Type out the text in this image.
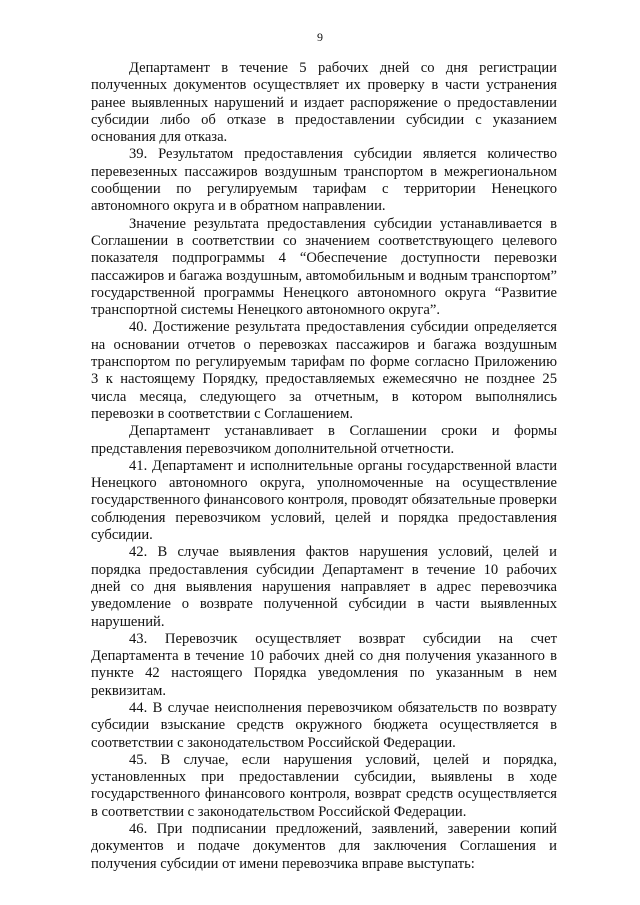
9

Департамент в течение 5 рабочих дней со дня регистрации полученных документов осуществляет их проверку в части устранения ранее выявленных нарушений и издает распоряжение о предоставлении субсидии либо об отказе в предоставлении субсидии с указанием основания для отказа.

39. Результатом предоставления субсидии является количество перевезенных пассажиров воздушным транспортом в межрегиональном сообщении по регулируемым тарифам с территории Ненецкого автономного округа и в обратном направлении.

Значение результата предоставления субсидии устанавливается в Соглашении в соответствии со значением соответствующего целевого показателя подпрограммы 4 “Обеспечение доступности перевозки пассажиров и багажа воздушным, автомобильным и водным транспортом” государственной программы Ненецкого автономного округа “Развитие транспортной системы Ненецкого автономного округа”.

40. Достижение результата предоставления субсидии определяется на основании отчетов о перевозках пассажиров и багажа воздушным транспортом по регулируемым тарифам по форме согласно Приложению 3 к настоящему Порядку, предоставляемых ежемесячно не позднее 25 числа месяца, следующего за отчетным, в котором выполнялись перевозки в соответствии с Соглашением.

Департамент устанавливает в Соглашении сроки и формы представления перевозчиком дополнительной отчетности.

41. Департамент и исполнительные органы государственной власти Ненецкого автономного округа, уполномоченные на осуществление государственного финансового контроля, проводят обязательные проверки соблюдения перевозчиком условий, целей и порядка предоставления субсидии.

42. В случае выявления фактов нарушения условий, целей и порядка предоставления субсидии Департамент в течение 10 рабочих дней со дня выявления нарушения направляет в адрес перевозчика уведомление о возврате полученной субсидии в части выявленных нарушений.

43. Перевозчик осуществляет возврат субсидии на счет Департамента в течение 10 рабочих дней со дня получения указанного в пункте 42 настоящего Порядка уведомления по указанным в нем реквизитам.

44. В случае неисполнения перевозчиком обязательств по возврату субсидии взыскание средств окружного бюджета осуществляется в соответствии с законодательством Российской Федерации.

45. В случае, если нарушения условий, целей и порядка, установленных при предоставлении субсидии, выявлены в ходе государственного финансового контроля, возврат средств осуществляется в соответствии с законодательством Российской Федерации.

46. При подписании предложений, заявлений, заверении копий документов и подаче документов для заключения Соглашения и получения субсидии от имени перевозчика вправе выступать:
